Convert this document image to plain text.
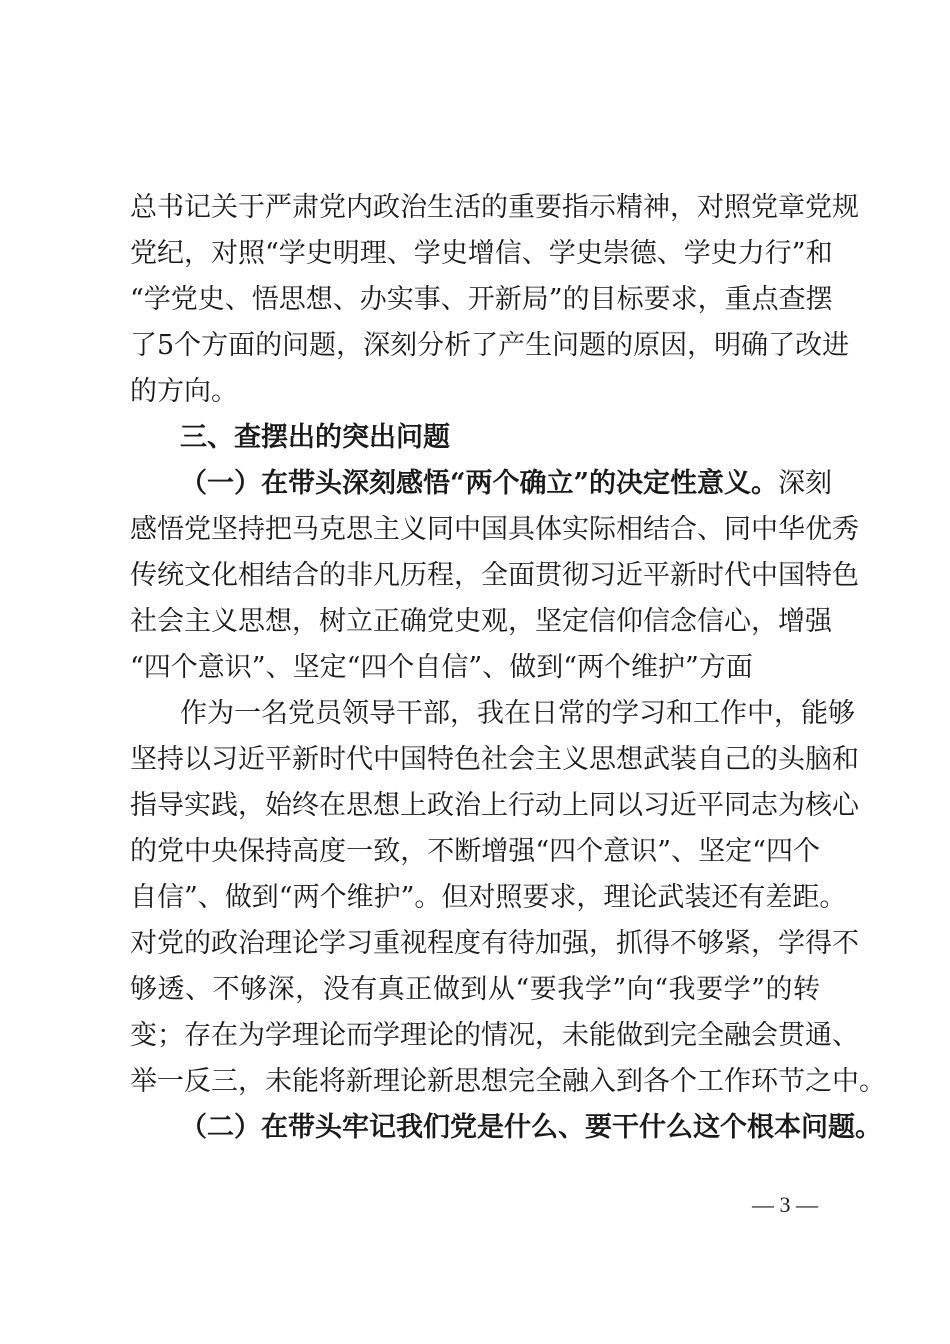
总书记关于严肃党内政治生活的重要指示精神，对照党章党规
党纪，对照“学史明理、学史增信、学史崇德、学史力行”和
“学党史、悟思想、办实事、开新局”的目标要求，重点查摆
了5个方面的问题，深刻分析了产生问题的原因，明确了改进
的方向。
三、查摆出的突出问题
（一）在带头深刻感悟“两个确立”的决定性意义。深刻
感悟党坚持把马克思主义同中国具体实际相结合、同中华优秀
传统文化相结合的非凡历程，全面贯彻习近平新时代中国特色
社会主义思想，树立正确党史观，坚定信仰信念信心，增强
“四个意识”、坚定“四个自信”、做到“两个维护”方面
作为一名党员领导干部，我在日常的学习和工作中，能够
坚持以习近平新时代中国特色社会主义思想武装自己的头脑和
指导实践，始终在思想上政治上行动上同以习近平同志为核心
的党中央保持高度一致，不断增强“四个意识”、坚定“四个
自信”、做到“两个维护”。但对照要求，理论武装还有差距。
对党的政治理论学习重视程度有待加强，抓得不够紧，学得不
够透、不够深，没有真正做到从“要我学”向“我要学”的转
变；存在为学理论而学理论的情况，未能做到完全融会贯通、
举一反三，未能将新理论新思想完全融入到各个工作环节之中。
（二）在带头牢记我们党是什么、要干什么这个根本问题。
— 3 —
